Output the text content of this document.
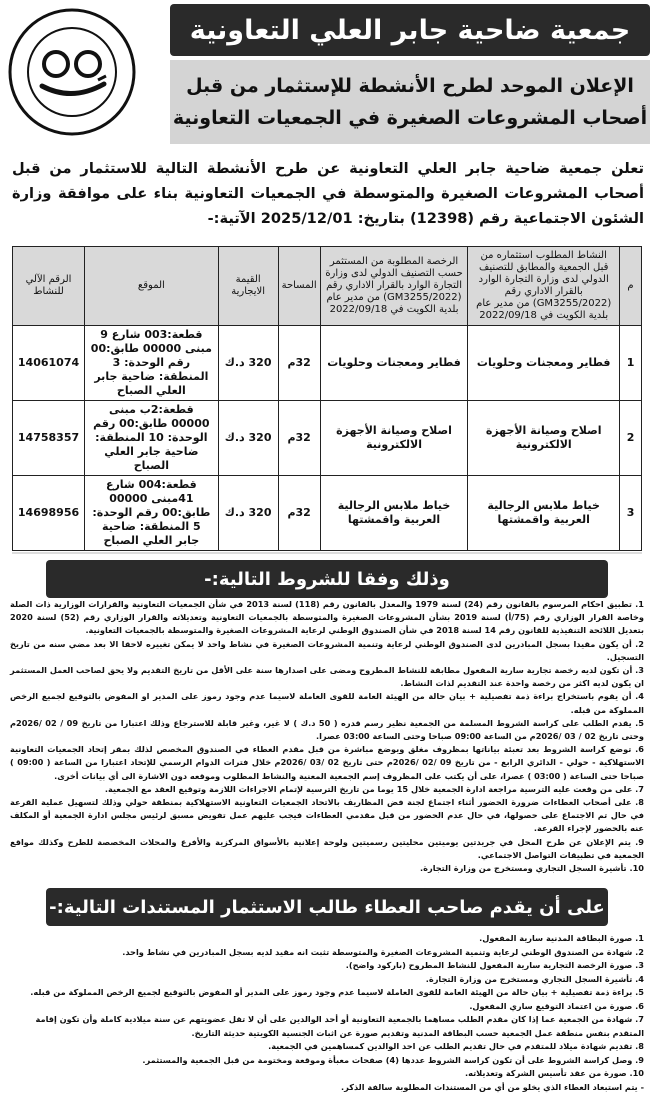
جمعية ضاحية جابر العلي التعاونية
الإعلان الموحد لطرح الأنشطة للإستثمار من قبل
أصحاب المشروعات الصغيرة في الجمعيات التعاونية
تعلن جمعية ضاحية جابر العلي التعاونية عن طرح الأنشطة التالية للاستثمار من قبل أصحاب المشروعات الصغيرة والمتوسطة في الجمعيات التعاونية بناء على موافقة وزارة الشئون الاجتماعية رقم (12398) بتاريخ: 2025/12/01 الآتية:-
م	النشاط المطلوب استثماره من قبل الجمعية والمطابق للتصنيف الدولي لدى وزارة التجارة الوارد بالقرار الاداري رقم (GM3255/2022) من مدير عام بلدية الكويت في 2022/09/18	الرخصة المطلوبة من المستثمر حسب التصنيف الدولي لدى وزارة التجارة الوارد بالقرار الاداري رقم (GM3255/2022) من مدير عام بلدية الكويت في 2022/09/18	المساحة	القيمة الايجارية	الموقع	الرقم الآلي للنشاط
1	فطاير ومعجنات وحلويات	فطاير ومعجنات وحلويات	32م	320 د.ك	قطعة:003 شارع 9 مبنى 00000 طابق:00 رقم الوحدة: 3 المنطقة: ضاحية جابر العلي الصباح	14061074
2	اصلاح وصيانة الأجهزة الالكترونية	اصلاح وصيانة الأجهزة الالكترونية	32م	320 د.ك	قطعة:2ب مبنى 00000 طابق:00 رقم الوحدة: 10 المنطقة: ضاحية جابر العلي الصباح	14758357
3	خياط ملابس الرجالية العربية واقمشتها	خياط ملابس الرجالية العربية واقمشتها	32م	320 د.ك	قطعة:004 شارع 41مبنى 00000 طابق:00 رقم الوحدة: 5 المنطقة: ضاحية جابر العلي الصباح	14698956
وذلك وفقا للشروط التالية:-

1. تطبيق احكام المرسوم بالقانون رقم (24) لسنة 1979 والمعدل بالقانون رقم (118) لسنة 2013 في شأن الجمعيات التعاونية والقرارات الوزارية ذات الصلة وخاصة القرار الوزاري رقم (75/أ) لسنة 2019 بشأن المشروعات الصغيرة والمتوسطة بالجمعيات التعاونية وتعديلاته والقرار الوزاري رقم (52) لسنة 2020 بتعديل اللائحة التنفيذية للقانون رقم 14 لسنة 2018 في شأن الصندوق الوطني لرعاية المشروعات الصغيرة والمتوسطة بالجمعيات التعاونية.

2. أن يكون مقيدا بسجل المبادرين لدى الصندوق الوطني لرعاية وتنمية المشروعات الصغيرة في نشاط واحد لا يمكن تغييره لاحقا الا بعد مضي سنه من تاريخ التسجيل.

3. أن تكون لديه رخصة تجارية سارية المفعول مطابقة للنشاط المطروح ومضى على اصدارها سنة على الأقل من تاريخ التقديم ولا يحق لصاحب العمل المستثمر ان يكون لديه اكثر من رخصة واحدة عند التقديم لذات النشاط.

4. أن يقوم باستخراج براءة ذمة تفصيلية + بيان حالة من الهيئة العامة للقوى العاملة لاسيما عدم وجود رموز على المدير او المفوض بالتوقيع لجميع الرخص المملوكة من قبله.

5. يقدم الطلب على كراسة الشروط المسلمة من الجمعية نظير رسم قدره ( 50 د.ك ) لا غير، وغير قابلة للاسترجاع وذلك اعتبارا من تاريخ 09 / 02 /2026م وحتى تاريخ 02 / 03 /2026م من الساعة 09:00 صباحا وحتى الساعة 03:00 عصرا.

6. توضع كراسة الشروط بعد تعبئة بياناتها بمظروف مغلق ويوضع مباشرة من قبل مقدم العطاء في الصندوق المخصص لذلك بمقر إتحاد الجمعيات التعاونية الاستهلاكية - حولي - الدائري الرابع - من تاريخ 09 /02 /2026م حتى تاريخ 02 /03 /2026م خلال فترات الدوام الرسمي للإتحاد اعتبارا من الساعة ( 09:00 ) صباحا حتى الساعة ( 03:00 ) عصرا، على أن يكتب على المظروف إسم الجمعية المعنية والنشاط المطلوب وموقعه دون الاشارة الى أي بيانات أخرى.

7. على من وقعت عليه الترسية مراجعة ادارة الجمعية خلال 15 يوما من تاريخ الترسية لإتمام الاجراءات اللازمة وتوقيع العقد مع الجمعية.

8. على أصحاب العطاءات ضرورة الحضور أثناء اجتماع لجنة فض المظاريف بالاتحاد الجمعيات التعاونية الاستهلاكية بمنطقة حولي وذلك لتسهيل عملية القرعة في حال تم الاجتماع على حصولها، في حال عدم الحضور من قبل مقدمي العطاءات فيجب عليهم عمل تفويض مسبق لرئيس مجلس ادارة الجمعية أو المكلف عنه بالحضور لإجراء القرعة.

9. يتم الإعلان عن طرح المحل في جريدتين يوميتين محليتين رسميتين ولوحة إعلانية بالأسواق المركزية والأفرع والمحلات المخصصة للطرح وكذلك مواقع الجمعية في تطبيقات التواصل الاجتماعي.

10. تأشيرة السجل التجاري ومستخرج من وزارة التجارة.

على أن يقدم صاحب العطاء طالب الاستثمار المستندات التالية:-

1. صورة البطاقة المدنية سارية المفعول.

2. شهادة من الصندوق الوطني لرعاية وتنمية المشروعات الصغيرة والمتوسطة تثبت انه مقيد لديه بسجل المبادرين في نشاط واحد.

3. صورة الرخصة التجارية سارية المفعول للنشاط المطروح (باركود واضح).

4. تأشيرة السجل التجاري ومستخرج من وزارة التجارة.

5. براءة ذمة تفصيلية + بيان حالة من الهيئة العامة للقوى العاملة لاسيما عدم وجود رموز على المدير أو المفوض بالتوقيع لجميع الرخص المملوكة من قبله.

6. صورة من اعتماد التوقيع ساري المفعول.

7. شهادة من الجمعية عما إذا كان مقدم الطلب مساهما بالجمعية التعاونية أو أحد الوالدين على أن لا تقل عضويتهم عن سنة ميلادية كاملة وأن تكون إقامة المتقدم بنفس منطقة عمل الجمعية حسب البطاقة المدنية وتقديم صورة عن اثبات الجنسية الكويتية حديثة التاريخ.

8. تقديم شهادة ميلاد للمتقدم في حال تقديم الطلب عن احد الوالدين كمساهمين في الجمعية.

9. وصل كراسة الشروط على أن تكون كراسة الشروط عددها (4) صفحات معبأة وموقعة ومختومة من قبل الجمعية والمستثمر.

10. صورة من عقد تأسيس الشركة وتعديلاته.

- يتم استبعاد العطاء الذي يخلو من أي من المستندات المطلوبة سالفة الذكر.
